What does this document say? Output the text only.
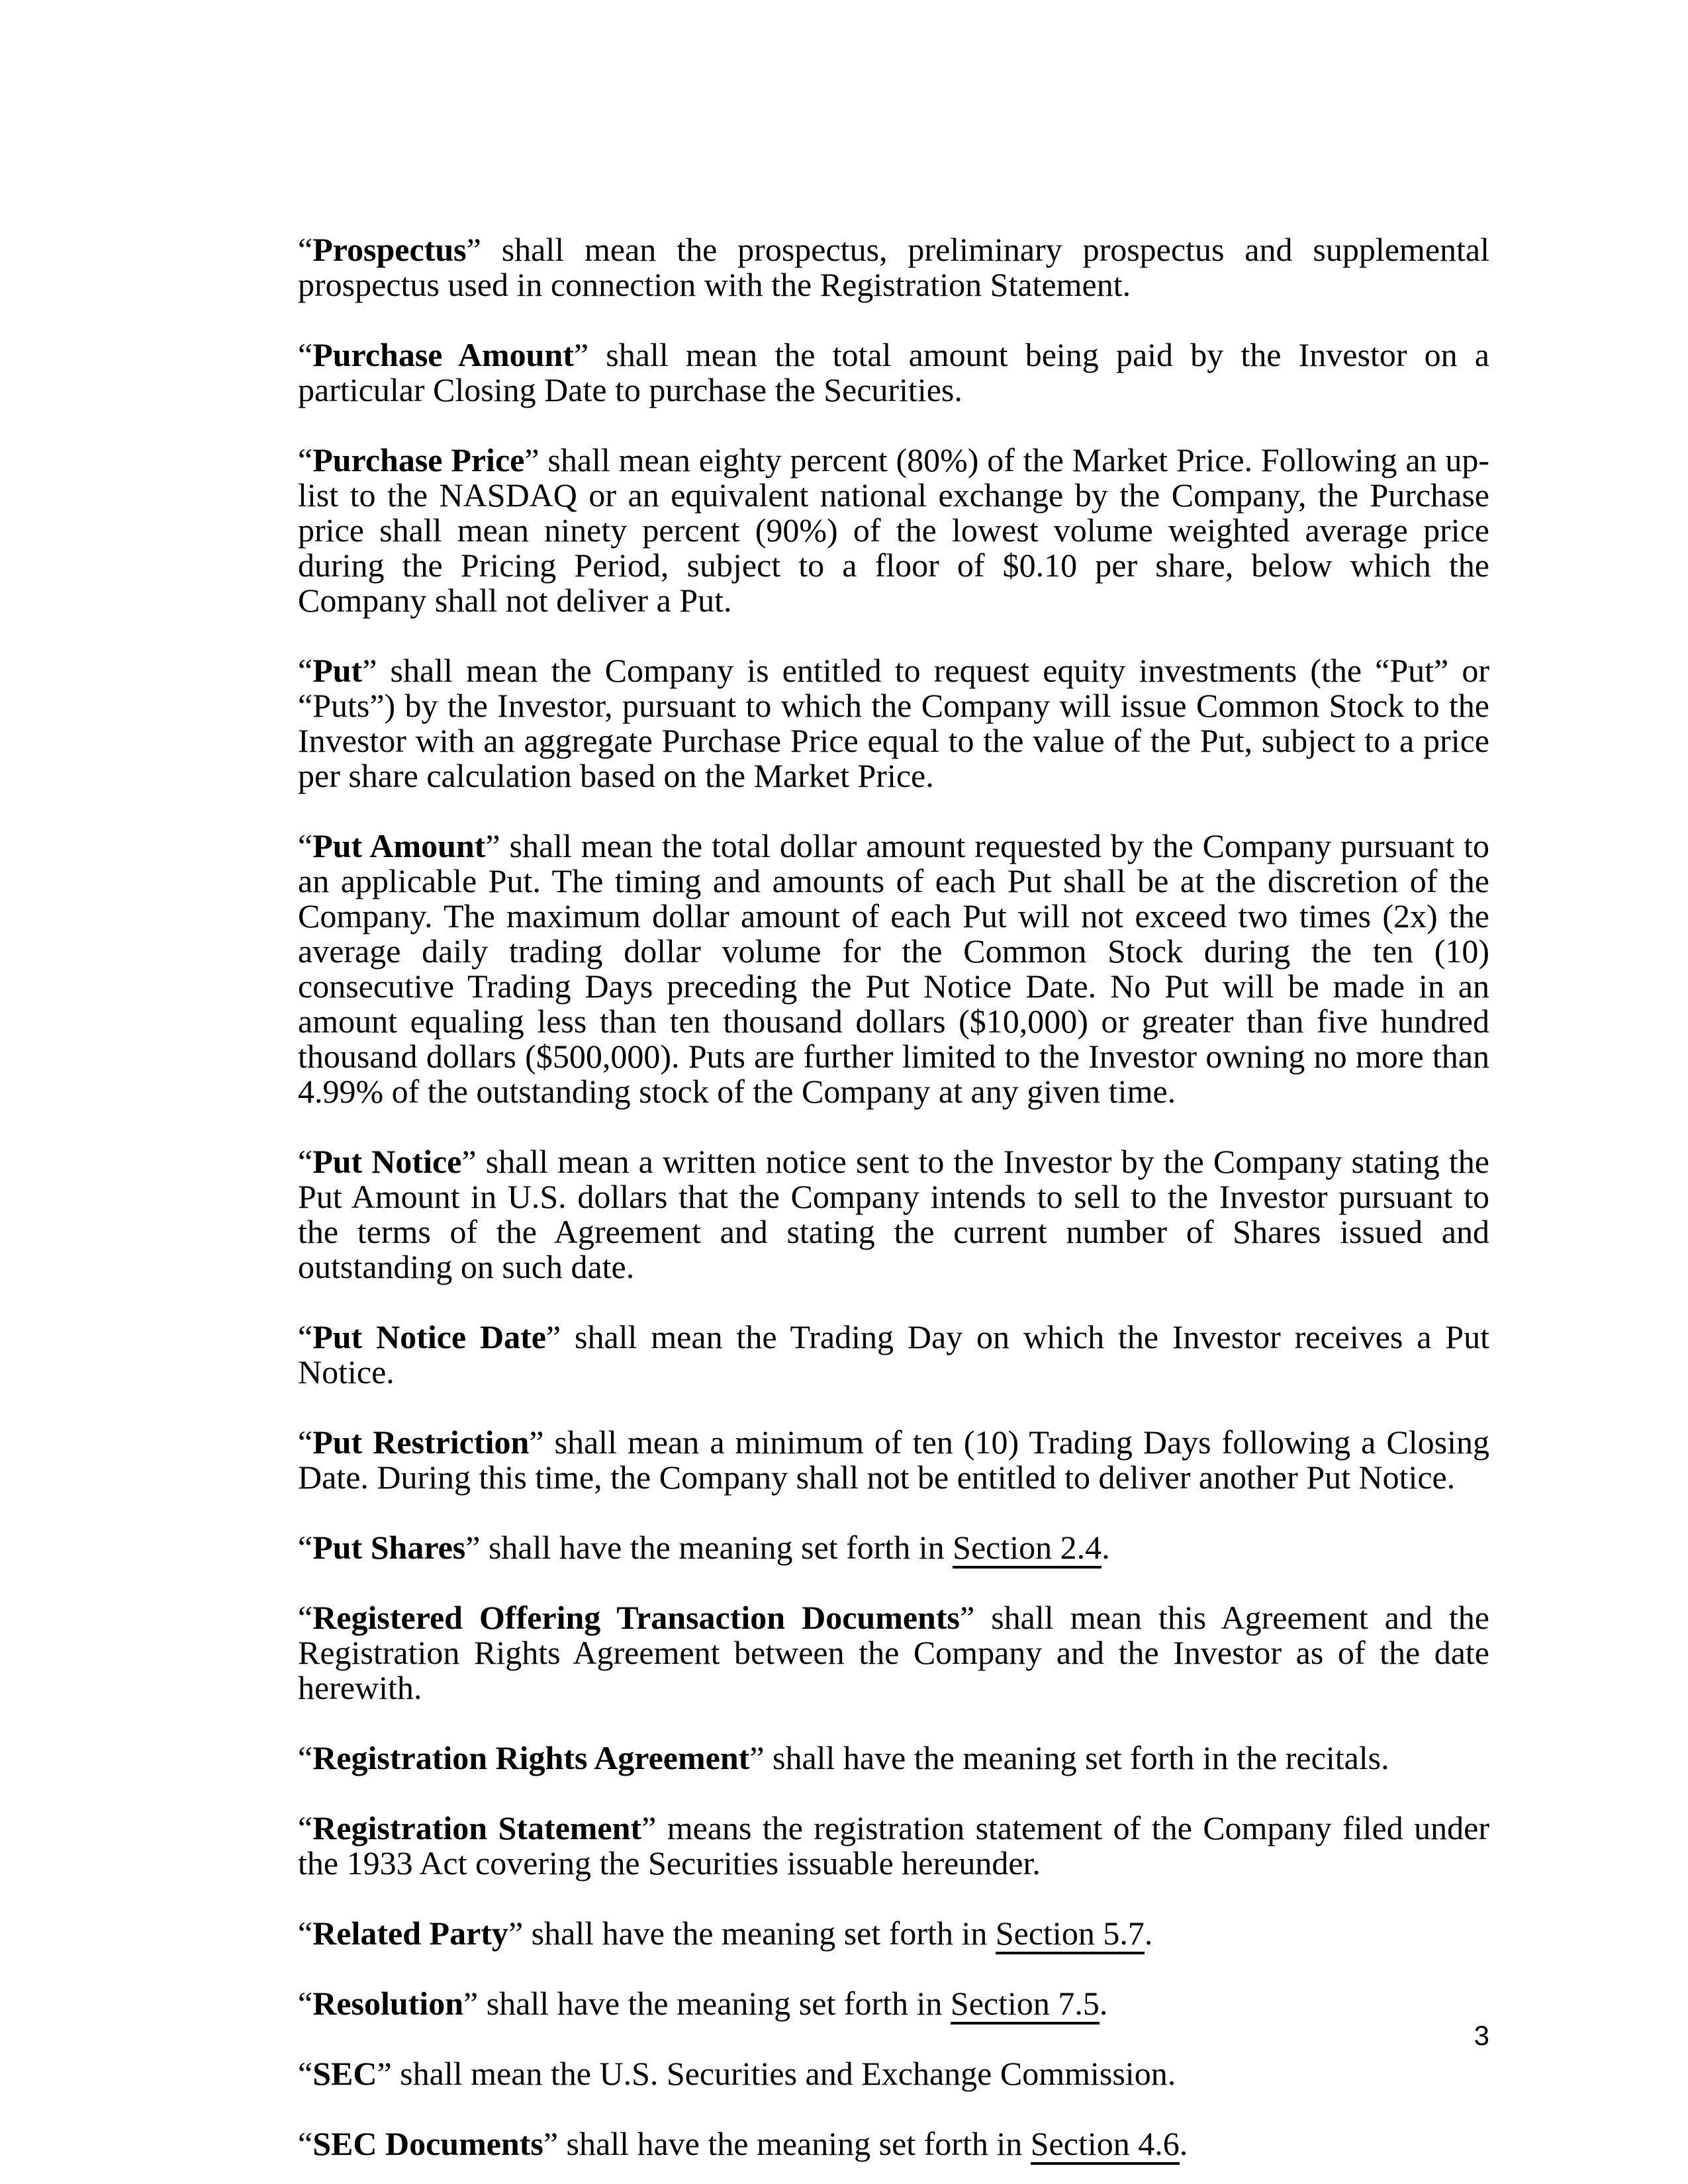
“Prospectus” shall mean the prospectus, preliminary prospectus and supplemental prospectus used in connection with the Registration Statement.

“Purchase Amount” shall mean the total amount being paid by the Investor on a particular Closing Date to purchase the Securities.

“Purchase Price” shall mean eighty percent (80%) of the Market Price. Following an up-list to the NASDAQ or an equivalent national exchange by the Company, the Purchase price shall mean ninety percent (90%) of the lowest volume weighted average price during the Pricing Period, subject to a floor of $0.10 per share, below which the Company shall not deliver a Put.

“Put” shall mean the Company is entitled to request equity investments (the “Put” or “Puts”) by the Investor, pursuant to which the Company will issue Common Stock to the Investor with an aggregate Purchase Price equal to the value of the Put, subject to a price per share calculation based on the Market Price.

“Put Amount” shall mean the total dollar amount requested by the Company pursuant to an applicable Put. The timing and amounts of each Put shall be at the discretion of the Company. The maximum dollar amount of each Put will not exceed two times (2x) the average daily trading dollar volume for the Common Stock during the ten (10) consecutive Trading Days preceding the Put Notice Date. No Put will be made in an amount equaling less than ten thousand dollars ($10,000) or greater than five hundred thousand dollars ($500,000). Puts are further limited to the Investor owning no more than 4.99% of the outstanding stock of the Company at any given time.

“Put Notice” shall mean a written notice sent to the Investor by the Company stating the Put Amount in U.S. dollars that the Company intends to sell to the Investor pursuant to the terms of the Agreement and stating the current number of Shares issued and outstanding on such date.

“Put Notice Date” shall mean the Trading Day on which the Investor receives a Put Notice.

“Put Restriction” shall mean a minimum of ten (10) Trading Days following a Closing Date. During this time, the Company shall not be entitled to deliver another Put Notice.

“Put Shares” shall have the meaning set forth in Section 2.4.

“Registered Offering Transaction Documents” shall mean this Agreement and the Registration Rights Agreement between the Company and the Investor as of the date herewith.

“Registration Rights Agreement” shall have the meaning set forth in the recitals.

“Registration Statement” means the registration statement of the Company filed under the 1933 Act covering the Securities issuable hereunder.

“Related Party” shall have the meaning set forth in Section 5.7.

“Resolution” shall have the meaning set forth in Section 7.5.

“SEC” shall mean the U.S. Securities and Exchange Commission.

“SEC Documents” shall have the meaning set forth in Section 4.6.

3
